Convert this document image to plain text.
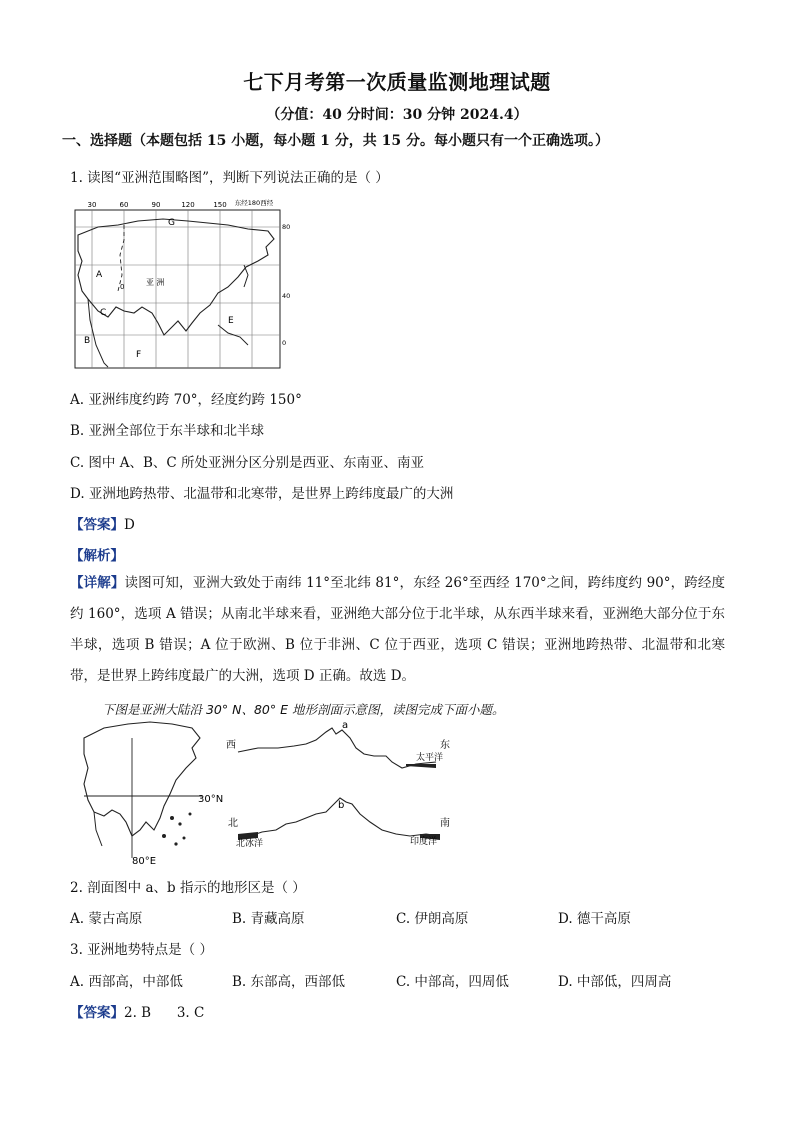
七下月考第一次质量监测地理试题
（分值：40 分时间：30 分钟 2024.4）
一、选择题（本题包括 15 小题，每小题 1 分，共 15 分。每小题只有一个正确选项。）
1. 读图“亚洲范围略图”，判断下列说法正确的是（ ）
30	60	90	120	150 东经180西经
80
40
0
G
A
C
B
E
F
亚 洲
0
A. 亚洲纬度约跨 70°，经度约跨 150°
B. 亚洲全部位于东半球和北半球
C. 图中 A、B、C 所处亚洲分区分别是西亚、东南亚、南亚
D. 亚洲地跨热带、北温带和北寒带，是世界上跨纬度最广的大洲
【答案】D
【解析】
【详解】读图可知，亚洲大致处于南纬 11°至北纬 81°，东经 26°至西经 170°之间，跨纬度约 90°，跨经度约 160°，选项 A 错误；从南北半球来看，亚洲绝大部分位于北半球，从东西半球来看，亚洲绝大部分位于东半球，选项 B 错误；A 位于欧洲、B 位于非洲、C 位于西亚，选项 C 错误；亚洲地跨热带、北温带和北寒带，是世界上跨纬度最广的大洲，选项 D 正确。故选 D。
下图是亚洲大陆沿 30° N、80° E 地形剖面示意图，读图完成下面小题。
30°N
80°E
西	东
太平洋
a
北	南
北冰洋	印度洋
b
2. 剖面图中 a、b 指示的地形区是（ ）
A. 蒙古高原	B. 青藏高原	C. 伊朗高原	D. 德干高原
3. 亚洲地势特点是（ ）
A. 西部高，中部低	B. 东部高，西部低	C. 中部高，四周低	D. 中部低，四周高
【答案】2. B      3. C
